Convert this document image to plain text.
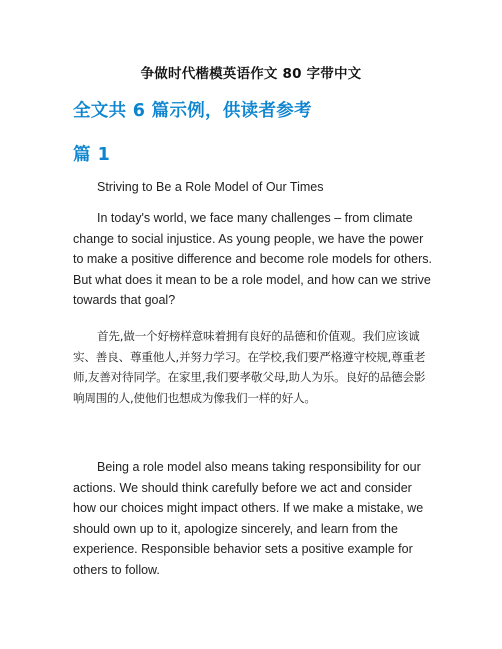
争做时代楷模英语作文 80 字带中文
全文共 6 篇示例，供读者参考
篇 1

Striving to Be a Role Model of Our Times

In today's world, we face many challenges – from climate change to social injustice. As young people, we have the power to make a positive difference and become role models for others. But what does it mean to be a role model, and how can we strive towards that goal?

首先,做一个好榜样意味着拥有良好的品德和价值观。我们应该诚实、善良、尊重他人,并努力学习。在学校,我们要严格遵守校规,尊重老师,友善对待同学。在家里,我们要孝敬父母,助人为乐。良好的品德会影响周围的人,使他们也想成为像我们一样的好人。

Being a role model also means taking responsibility for our actions. We should think carefully before we act and consider how our choices might impact others. If we make a mistake, we should own up to it, apologize sincerely, and learn from the experience. Responsible behavior sets a positive example for others to follow.
